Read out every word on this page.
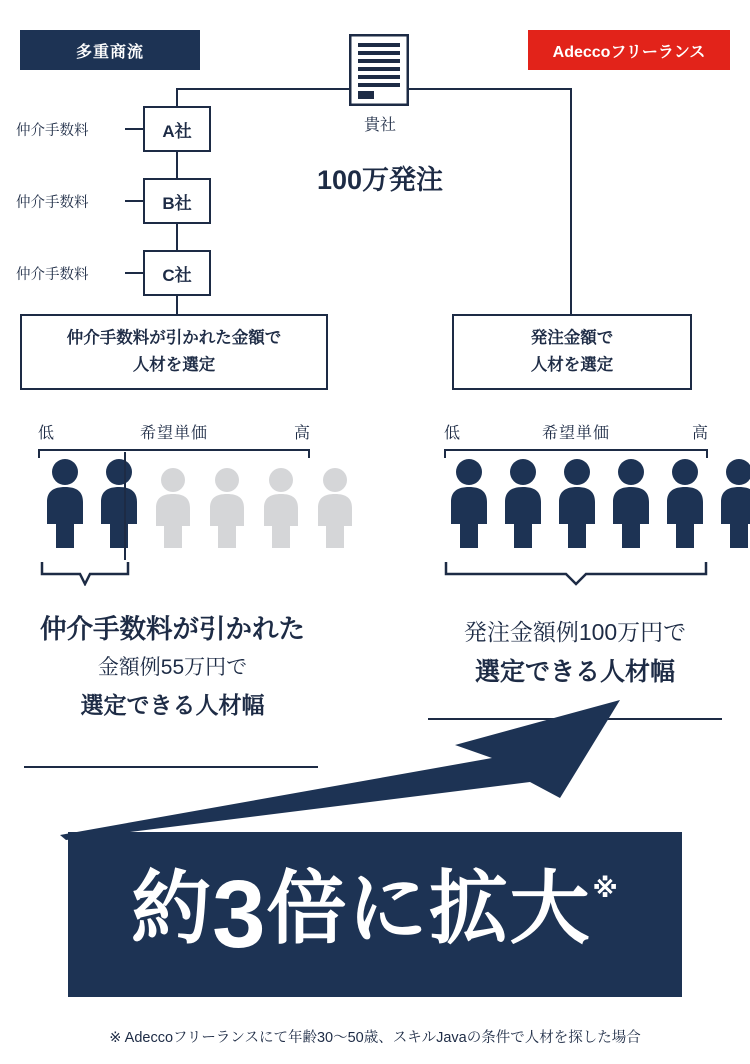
多重商流	Adeccoフリーランス
貴社
100万発注
仲介手数料	A社
仲介手数料	B社
仲介手数料	C社
仲介手数料が引かれた金額で
人材を選定
発注金額で
人材を選定
低	希望単価	高
仲介手数料が引かれた
金額例55万円で
選定できる人材幅
低	希望単価	高
発注金額例100万円で
選定できる人材幅
約 3 倍に拡大 ※
※ Adeccoフリーランスにて年齢30〜50歳、スキルJavaの条件で人材を探した場合
